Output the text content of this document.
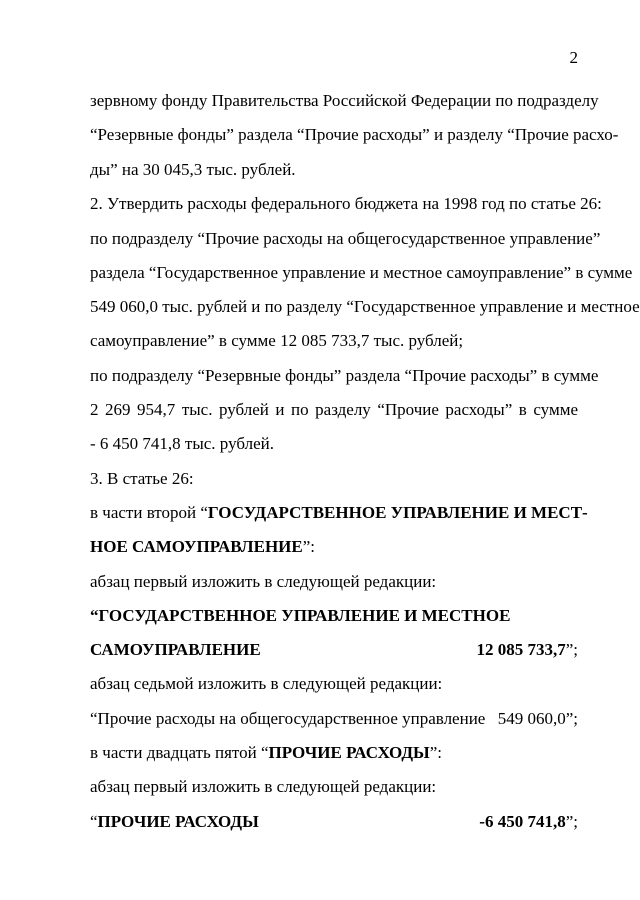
2
зервному фонду Правительства Российской Федерации по подразделу
“Резервные фонды” раздела “Прочие расходы” и разделу “Прочие расхо-
ды” на 30 045,3 тыс. рублей.
2. Утвердить расходы федерального бюджета на 1998 год по статье 26:
по подразделу “Прочие расходы на общегосударственное управление”
раздела “Государственное управление и местное самоуправление” в сумме
549 060,0 тыс. рублей и по разделу “Государственное управление и местное
самоуправление” в сумме 12 085 733,7 тыс. рублей;
по подразделу “Резервные фонды” раздела “Прочие расходы” в сумме
2 269 954,7 тыс. рублей и по разделу “Прочие расходы” в сумме
- 6 450 741,8 тыс. рублей.
3. В статье 26:
в части второй “ГОСУДАРСТВЕННОЕ УПРАВЛЕНИЕ И МЕСТ-
НОЕ САМОУПРАВЛЕНИЕ”:
абзац первый изложить в следующей редакции:
“ГОСУДАРСТВЕННОЕ УПРАВЛЕНИЕ И МЕСТНОЕ
САМОУПРАВЛЕНИЕ	12 085 733,7”;
абзац седьмой изложить в следующей редакции:
“Прочие расходы на общегосударственное управление 549 060,0”;
в части двадцать пятой “ПРОЧИЕ РАСХОДЫ”:
абзац первый изложить в следующей редакции:
“ПРОЧИЕ РАСХОДЫ	-6 450 741,8”;
